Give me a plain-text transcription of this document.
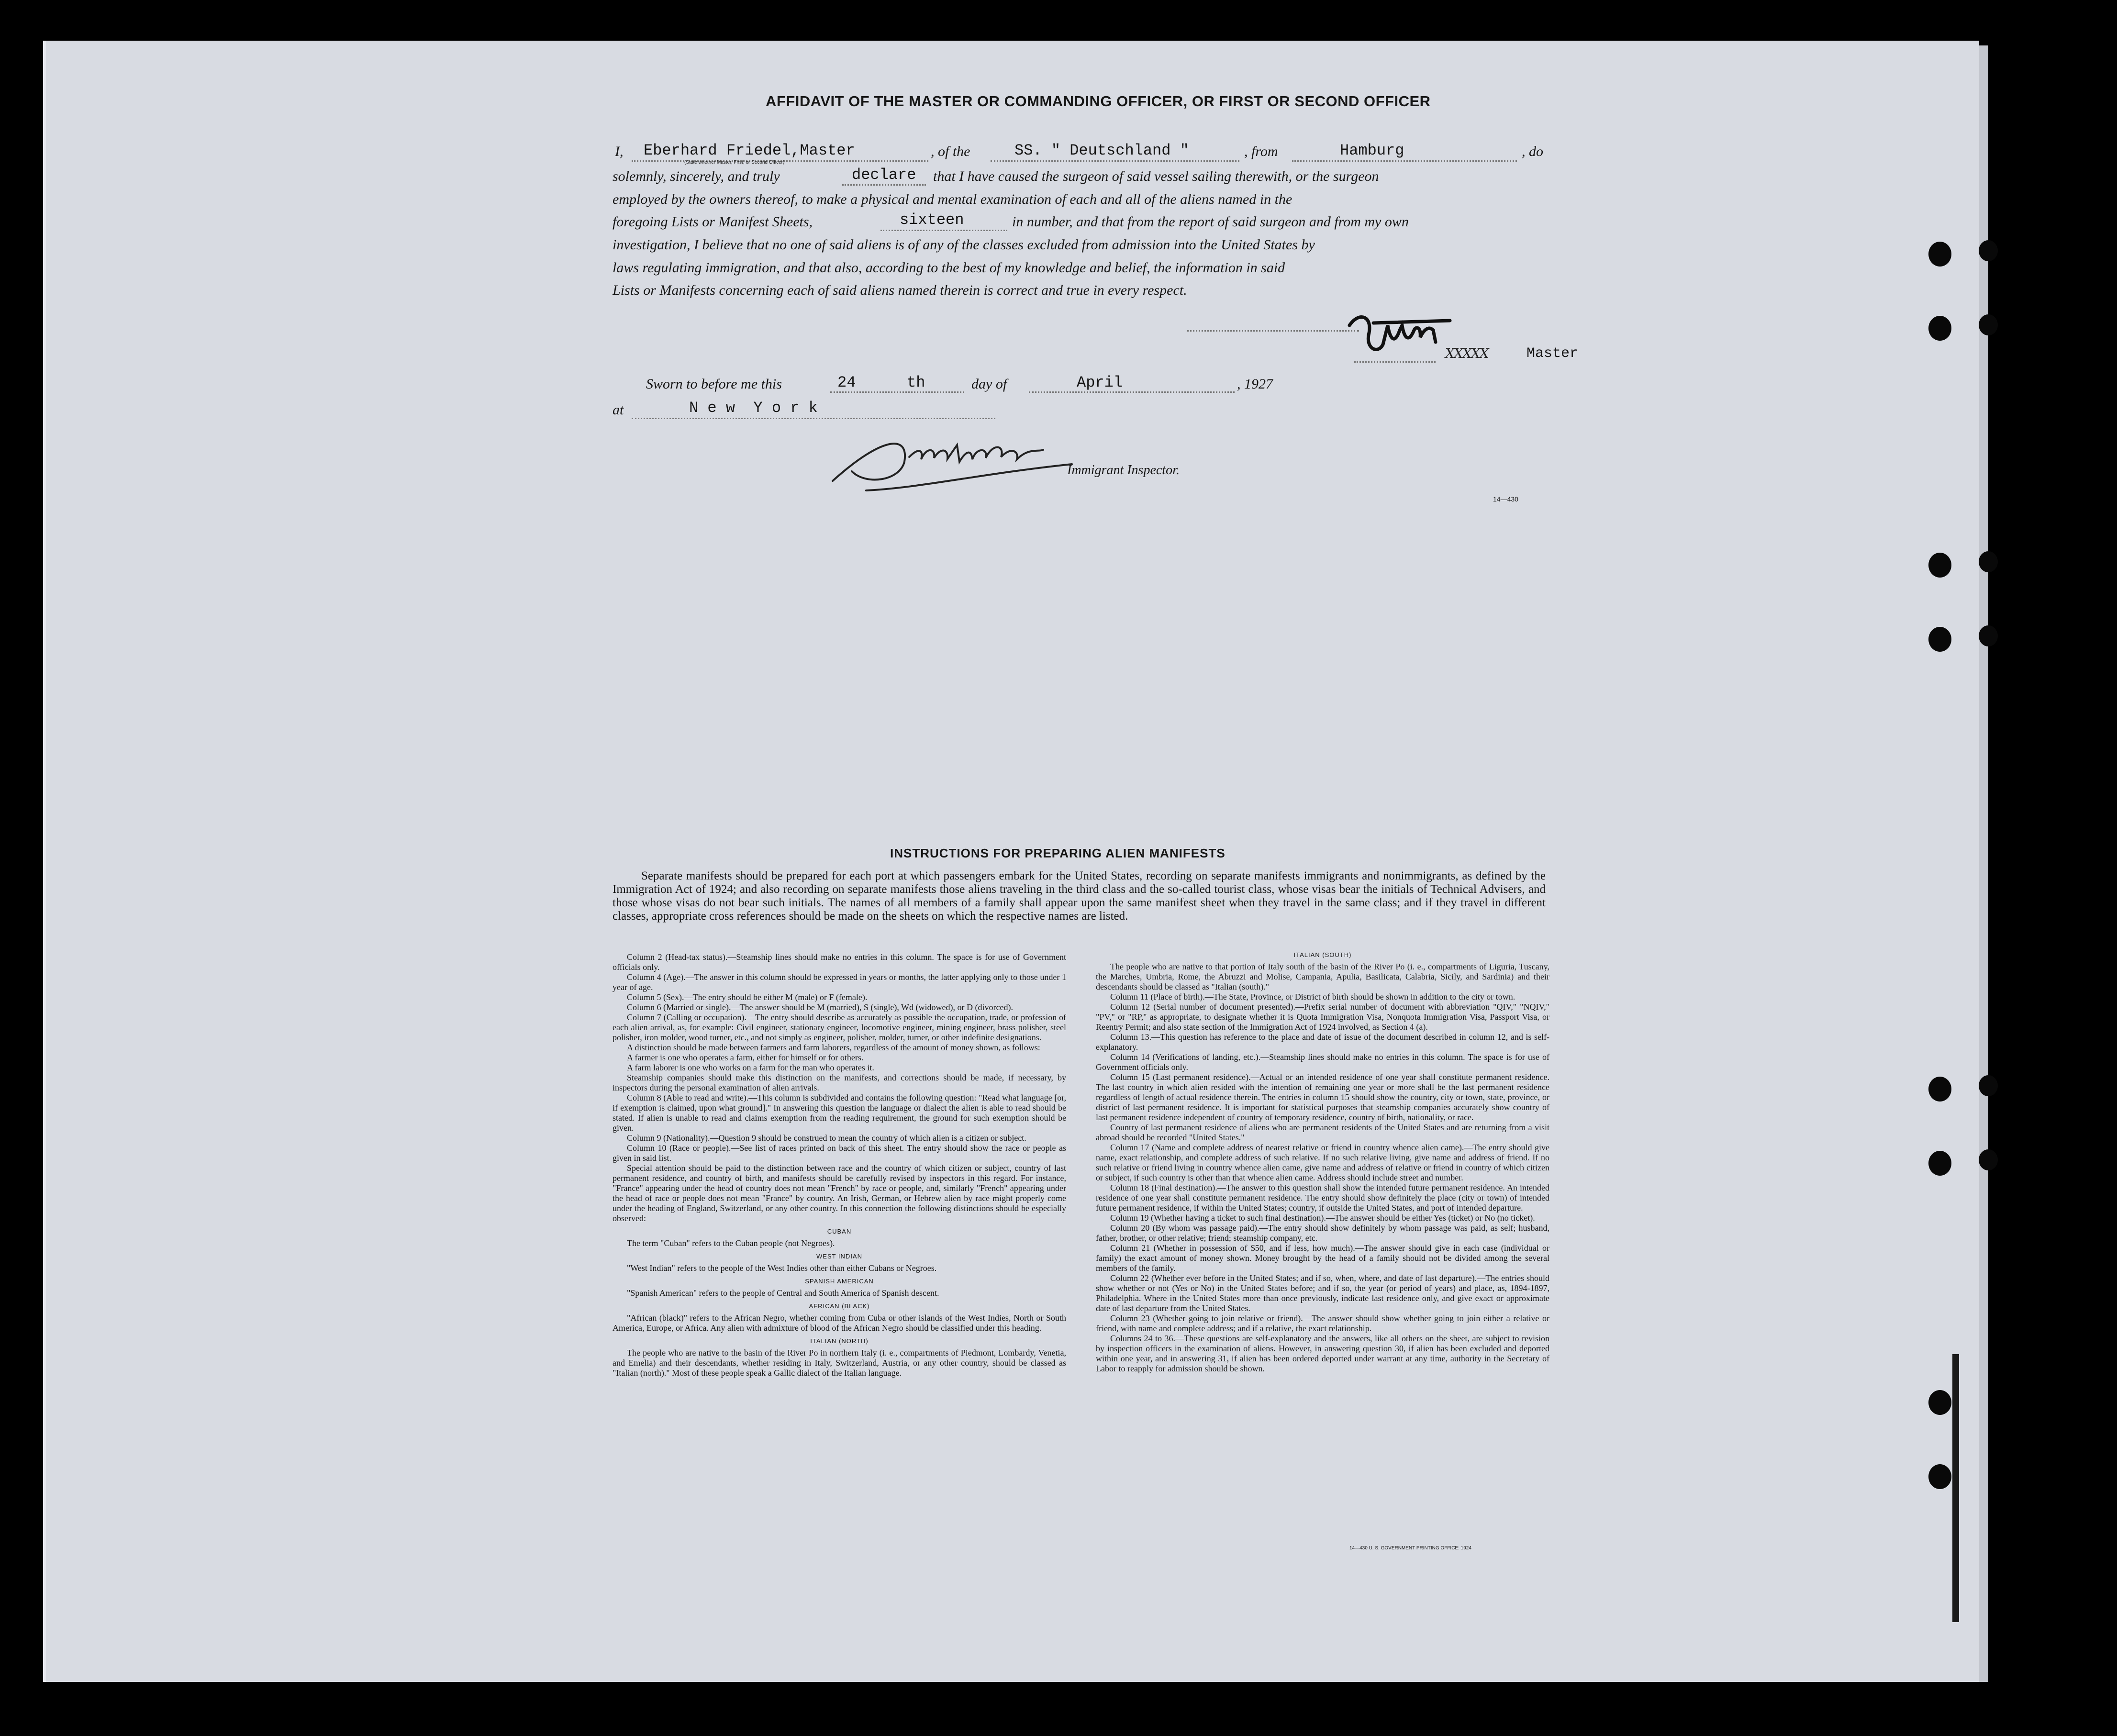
AFFIDAVIT OF THE MASTER OR COMMANDING OFFICER, OR FIRST OR SECOND OFFICER
I, Eberhard Friedel,Master
(State whether Master, First, or Second Officer)
, of the	SS. " Deutschland "	, from	Hamburg	, do
solemnly, sincerely, and truly	declare that I have caused the surgeon of said vessel sailing therewith, or the surgeon
employed by the owners thereof, to make a physical and mental examination of each and all of the aliens named in the
foregoing Lists or Manifest Sheets,	sixteen	in number, and that from the report of said surgeon and from my own
investigation, I believe that no one of said aliens is of any of the classes excluded from admission into the United States by
laws regulating immigration, and that also, according to the best of my knowledge and belief, the information in said
Lists or Manifests concerning each of said aliens named therein is correct and true in every respect.
XXXXX	Master
Sworn to before me this	24	th	day of	April	, 1927
at	N e w  Y o r k
Immigrant Inspector.
14—430
INSTRUCTIONS FOR PREPARING ALIEN MANIFESTS
Separate manifests should be prepared for each port at which passengers embark for the United States, recording on separate manifests immigrants and nonimmigrants, as defined by the Immigration Act of 1924; and also recording on separate manifests those aliens traveling in the third class and the so-called tourist class, whose visas bear the initials of Technical Advisers, and those whose visas do not bear such initials. The names of all members of a family shall appear upon the same manifest sheet when they travel in the same class; and if they travel in different classes, appropriate cross references should be made on the sheets on which the respective names are listed.

Column 2 (Head-tax status).—Steamship lines should make no entries in this column. The space is for use of Government officials only.

Column 4 (Age).—The answer in this column should be expressed in years or months, the latter applying only to those under 1 year of age.

Column 5 (Sex).—The entry should be either M (male) or F (female).

Column 6 (Married or single).—The answer should be M (married), S (single), Wd (widowed), or D (divorced).

Column 7 (Calling or occupation).—The entry should describe as accurately as possible the occupation, trade, or profession of each alien arrival, as, for example: Civil engineer, stationary engineer, locomotive engineer, mining engineer, brass polisher, steel polisher, iron molder, wood turner, etc., and not simply as engineer, polisher, molder, turner, or other indefinite designations.

A distinction should be made between farmers and farm laborers, regardless of the amount of money shown, as follows:

A farmer is one who operates a farm, either for himself or for others.

A farm laborer is one who works on a farm for the man who operates it.

Steamship companies should make this distinction on the manifests, and corrections should be made, if necessary, by inspectors during the personal examination of alien arrivals.

Column 8 (Able to read and write).—This column is subdivided and contains the following question: "Read what language [or, if exemption is claimed, upon what ground]." In answering this question the language or dialect the alien is able to read should be stated. If alien is unable to read and claims exemption from the reading requirement, the ground for such exemption should be given.

Column 9 (Nationality).—Question 9 should be construed to mean the country of which alien is a citizen or subject.

Column 10 (Race or people).—See list of races printed on back of this sheet. The entry should show the race or people as given in said list.

Special attention should be paid to the distinction between race and the country of which citizen or subject, country of last permanent residence, and country of birth, and manifests should be carefully revised by inspectors in this regard. For instance, "France" appearing under the head of country does not mean "French" by race or people, and, similarly "French" appearing under the head of race or people does not mean "France" by country. An Irish, German, or Hebrew alien by race might properly come under the heading of England, Switzerland, or any other country. In this connection the following distinctions should be especially observed:

CUBAN

The term "Cuban" refers to the Cuban people (not Negroes).

WEST INDIAN

"West Indian" refers to the people of the West Indies other than either Cubans or Negroes.

SPANISH AMERICAN

"Spanish American" refers to the people of Central and South America of Spanish descent.

AFRICAN (BLACK)

"African (black)" refers to the African Negro, whether coming from Cuba or other islands of the West Indies, North or South America, Europe, or Africa. Any alien with admixture of blood of the African Negro should be classified under this heading.

ITALIAN (NORTH)

The people who are native to the basin of the River Po in northern Italy (i. e., compartments of Piedmont, Lombardy, Venetia, and Emelia) and their descendants, whether residing in Italy, Switzerland, Austria, or any other country, should be classed as "Italian (north)." Most of these people speak a Gallic dialect of the Italian language.

ITALIAN (SOUTH)

The people who are native to that portion of Italy south of the basin of the River Po (i. e., compartments of Liguria, Tuscany, the Marches, Umbria, Rome, the Abruzzi and Molise, Campania, Apulia, Basilicata, Calabria, Sicily, and Sardinia) and their descendants should be classed as "Italian (south)."

Column 11 (Place of birth).—The State, Province, or District of birth should be shown in addition to the city or town.

Column 12 (Serial number of document presented).—Prefix serial number of document with abbreviation "QIV," "NQIV," "PV," or "RP," as appropriate, to designate whether it is Quota Immigration Visa, Nonquota Immigration Visa, Passport Visa, or Reentry Permit; and also state section of the Immigration Act of 1924 involved, as Section 4 (a).

Column 13.—This question has reference to the place and date of issue of the document described in column 12, and is self-explanatory.

Column 14 (Verifications of landing, etc.).—Steamship lines should make no entries in this column. The space is for use of Government officials only.

Column 15 (Last permanent residence).—Actual or an intended residence of one year shall constitute permanent residence. The last country in which alien resided with the intention of remaining one year or more shall be the last permanent residence regardless of length of actual residence therein. The entries in column 15 should show the country, city or town, state, province, or district of last permanent residence. It is important for statistical purposes that steamship companies accurately show country of last permanent residence independent of country of temporary residence, country of birth, nationality, or race.

Country of last permanent residence of aliens who are permanent residents of the United States and are returning from a visit abroad should be recorded "United States."

Column 17 (Name and complete address of nearest relative or friend in country whence alien came).—The entry should give name, exact relationship, and complete address of such relative. If no such relative living, give name and address of friend. If no such relative or friend living in country whence alien came, give name and address of relative or friend in country of which citizen or subject, if such country is other than that whence alien came. Address should include street and number.

Column 18 (Final destination).—The answer to this question shall show the intended future permanent residence. An intended residence of one year shall constitute permanent residence. The entry should show definitely the place (city or town) of intended future permanent residence, if within the United States; country, if outside the United States, and port of intended departure.

Column 19 (Whether having a ticket to such final destination).—The answer should be either Yes (ticket) or No (no ticket).

Column 20 (By whom was passage paid).—The entry should show definitely by whom passage was paid, as self; husband, father, brother, or other relative; friend; steamship company, etc.

Column 21 (Whether in possession of $50, and if less, how much).—The answer should give in each case (individual or family) the exact amount of money shown. Money brought by the head of a family should not be divided among the several members of the family.

Column 22 (Whether ever before in the United States; and if so, when, where, and date of last departure).—The entries should show whether or not (Yes or No) in the United States before; and if so, the year (or period of years) and place, as, 1894-1897, Philadelphia. Where in the United States more than once previously, indicate last residence only, and give exact or approximate date of last departure from the United States.

Column 23 (Whether going to join relative or friend).—The answer should show whether going to join either a relative or friend, with name and complete address; and if a relative, the exact relationship.

Columns 24 to 36.—These questions are self-explanatory and the answers, like all others on the sheet, are subject to revision by inspection officers in the examination of aliens. However, in answering question 30, if alien has been excluded and deported within one year, and in answering 31, if alien has been ordered deported under warrant at any time, authority in the Secretary of Labor to reapply for admission should be shown.

14—430 U. S. GOVERNMENT PRINTING OFFICE: 1924
